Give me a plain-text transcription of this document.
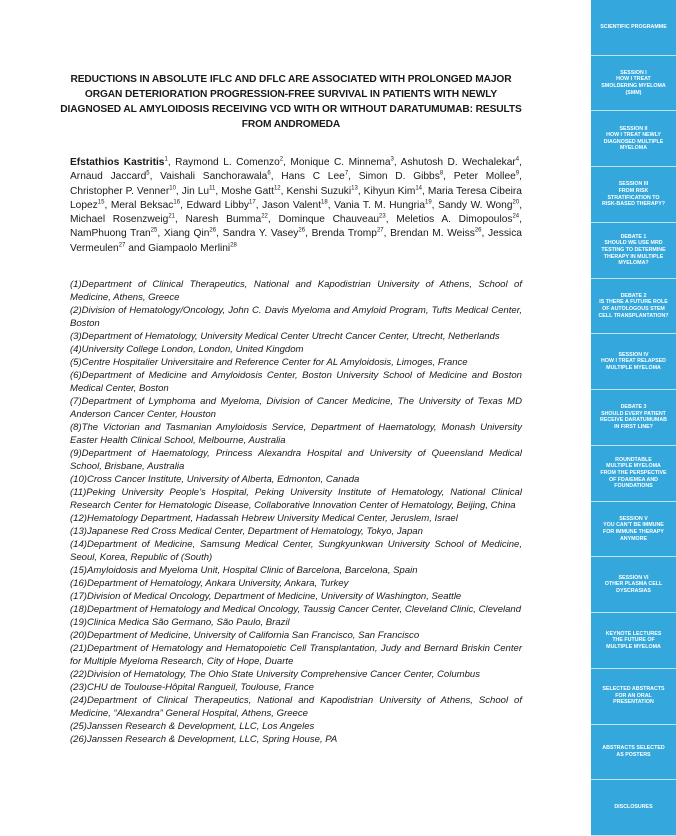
REDUCTIONS IN ABSOLUTE IFLC AND DFLC ARE ASSOCIATED WITH PROLONGED MAJOR ORGAN DETERIORATION PROGRESSION-FREE SURVIVAL IN PATIENTS WITH NEWLY DIAGNOSED AL AMYLOIDOSIS RECEIVING VCD WITH OR WITHOUT DARATUMUMAB: RESULTS FROM ANDROMEDA
Efstathios Kastritis$^1$, Raymond L. Comenzo$^2$, Monique C. Minnema$^3$, Ashutosh D. Wechalekar$^4$, Arnaud Jaccard$^5$, Vaishali Sanchorawala$^6$, Hans C Lee$^7$, Simon D. Gibbs$^8$, Peter Mollee$^9$, Christopher P. Venner$^{10}$, Jin Lu$^{11}$, Moshe Gatt$^{12}$, Kenshi Suzuki$^{13}$, Kihyun Kim$^{14}$, Maria Teresa Cibeira Lopez$^{15}$, Meral Beksac$^{16}$, Edward Libby$^{17}$, Jason Valent$^{18}$, Vania T. M. Hungria$^{19}$, Sandy W. Wong$^{20}$, Michael Rosenzweig$^{21}$, Naresh Bumma$^{22}$, Dominque Chauveau$^{23}$, Meletios A. Dimopoulos$^{24}$, NamPhuong Tran$^{25}$, Xiang Qin$^{26}$, Sandra Y. Vasey$^{26}$, Brenda Tromp$^{27}$, Brendan M. Weiss$^{26}$, Jessica Vermeulen$^{27}$ and Giampaolo Merlini$^{28}$
(1)Department of Clinical Therapeutics, National and Kapodistrian University of Athens, School of Medicine, Athens, Greece
(2)Division of Hematology/Oncology, John C. Davis Myeloma and Amyloid Program, Tufts Medical Center, Boston
(3)Department of Hematology, University Medical Center Utrecht Cancer Center, Utrecht, Netherlands
(4)University College London, London, United Kingdom
(5)Centre Hospitalier Universitaire and Reference Center for AL Amyloidosis, Limoges, France
(6)Department of Medicine and Amyloidosis Center, Boston University School of Medicine and Boston Medical Center, Boston
(7)Department of Lymphoma and Myeloma, Division of Cancer Medicine, The University of Texas MD Anderson Cancer Center, Houston
(8)The Victorian and Tasmanian Amyloidosis Service, Department of Haematology, Monash University Easter Health Clinical School, Melbourne, Australia
(9)Department of Haematology, Princess Alexandra Hospital and University of Queensland Medical School, Brisbane, Australia
(10)Cross Cancer Institute, University of Alberta, Edmonton, Canada
(11)Peking University People’s Hospital, Peking University Institute of Hematology, National Clinical Research Center for Hematologic Disease, Collaborative Innovation Center of Hematology, Beijing, China
(12)Hematology Department, Hadassah Hebrew University Medical Center, Jeruslem, Israel
(13)Japanese Red Cross Medical Center, Department of Hematology, Tokyo, Japan
(14)Department of Medicine, Samsung Medical Center, Sungkyunkwan University School of Medicine, Seoul, Korea, Republic of (South)
(15)Amyloidosis and Myeloma Unit, Hospital Clinic of Barcelona, Barcelona, Spain
(16)Department of Hematology, Ankara University, Ankara, Turkey
(17)Division of Medical Oncology, Department of Medicine, University of Washington, Seattle
(18)Department of Hematology and Medical Oncology, Taussig Cancer Center, Cleveland Clinic, Cleveland
(19)Clinica Medica São Germano, São Paulo, Brazil
(20)Department of Medicine, University of California San Francisco, San Francisco
(21)Department of Hematology and Hematopoietic Cell Transplantation, Judy and Bernard Briskin Center for Multiple Myeloma Research, City of Hope, Duarte
(22)Division of Hematology, The Ohio State University Comprehensive Cancer Center, Columbus
(23)CHU de Toulouse-Hôpital Rangueil, Toulouse, France
(24)Department of Clinical Therapeutics, National and Kapodistrian University of Athens, School of Medicine, “Alexandra” General Hospital, Athens, Greece
(25)Janssen Research & Development, LLC, Los Angeles
(26)Janssen Research & Development, LLC, Spring House, PA
SCIENTIFIC PROGRAMME
SESSION I
HOW I TREAT
SMOLDERING MYELOMA
(SMM)
SESSION II
HOW I TREAT NEWLY
DIAGNOSED MULTIPLE
MYELOMA
SESSION III
FROM RISK
STRATIFICATION TO
RISK-BASED THERAPY?
DEBATE 1
SHOULD WE USE MRD
TESTING TO DETERMINE
THERAPY IN MULTIPLE
MYELOMA?
DEBATE 2
IS THERE A FUTURE ROLE
OF AUTOLOGOUS STEM
CELL TRANSPLANTATION?
SESSION IV
HOW I TREAT RELAPSED
MULTIPLE MYELOMA
DEBATE 3
SHOULD EVERY PATIENT
RECEIVE DARATUMUMAB
IN FIRST LINE?
ROUNDTABLE
MULTIPLE MYELOMA
FROM THE PERSPECTIVE
OF FDA/EMEA AND
FOUNDATIONS
SESSION V
YOU CAN'T BE IMMUNE
FOR IMMUNE THERAPY
ANYMORE
SESSION VI
OTHER PLASMA CELL
DYSCRASIAS
KEYNOTE LECTURES
THE FUTURE OF
MULTIPLE MYELOMA
SELECTED ABSTRACTS
FOR AN ORAL
PRESENTATION
ABSTRACTS SELECTED
AS POSTERS
DISCLOSURES
